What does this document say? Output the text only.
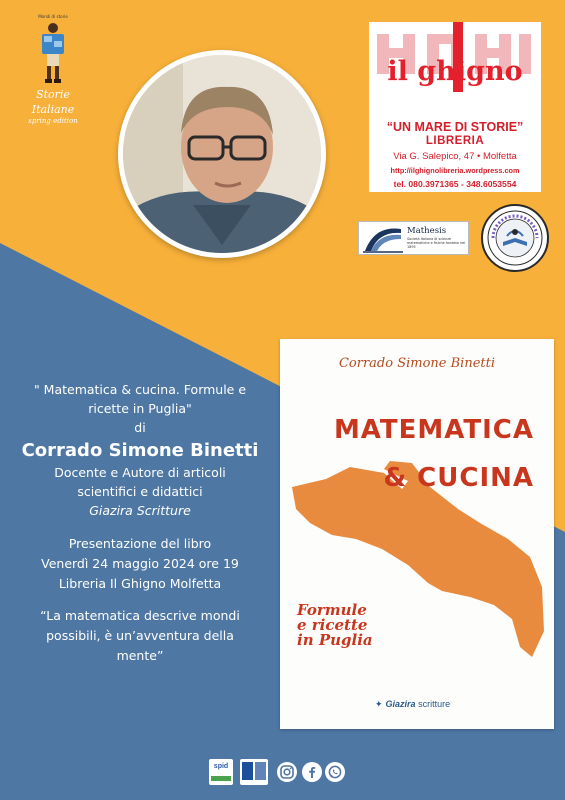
Mondi di storie
Storie
Italiane
spring edition
il ghigno
“UN MARE DI STORIE”
LIBRERIA
Via G. Salepico, 47 • Molfetta
http://ilghignolibreria.wordpress.com
tel. 080.3971365 - 348.6053554
Mathesis
Società Italiana di scienze matematiche e fisiche fondata nel 1895
Corrado Simone Binetti
MATEMATICA
& CUCINA
Formule
e ricette
in Puglia
✦ Giazira scritture
" Matematica & cucina. Formule e ricette in Puglia"
di
Corrado Simone Binetti
Docente e Autore di articoli scientifici e didattici
Giazira Scritture
Presentazione del libro
Venerdì 24 maggio 2024 ore 19
Libreria Il Ghigno Molfetta
“La matematica descrive mondi possibili, è un’avventura della mente”
spid
